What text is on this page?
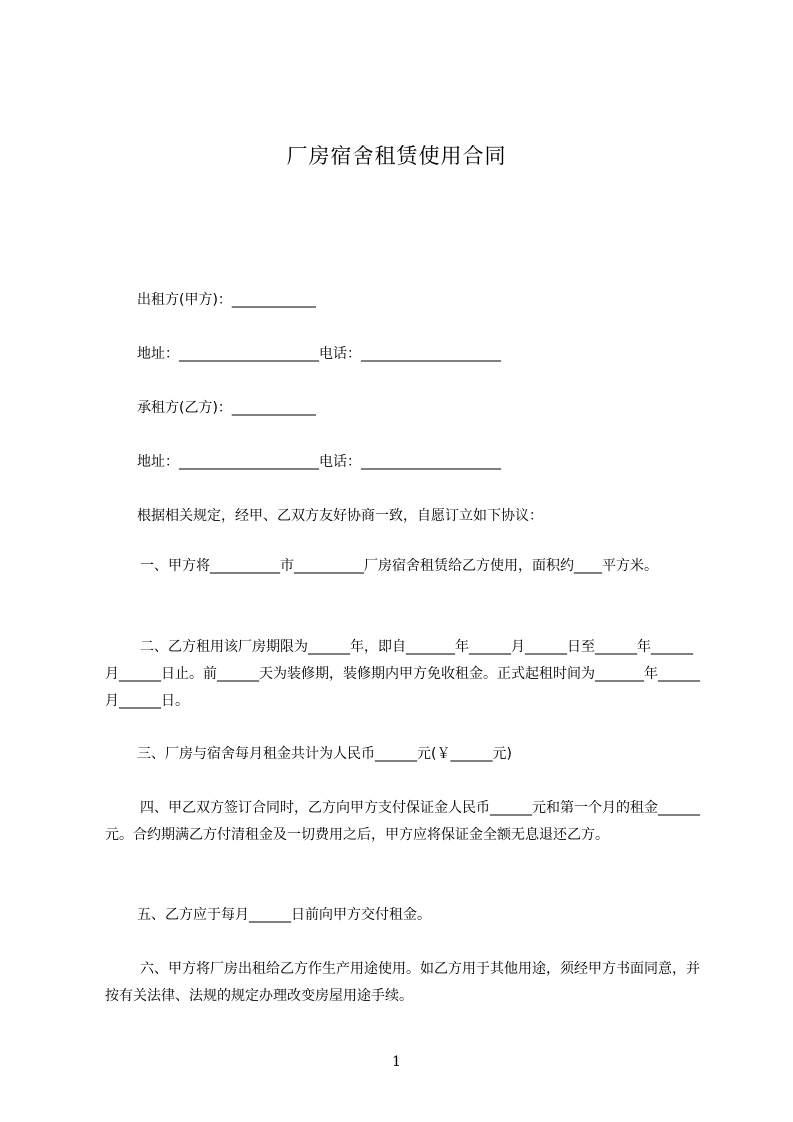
厂房宿舍租赁使用合同
出租方(甲方)：____________
地址：____________________电话：____________________
承租方(乙方)：____________
地址：____________________电话：____________________
根据相关规定，经甲、乙双方友好协商一致，自愿订立如下协议：
一、甲方将__________市__________厂房宿舍租赁给乙方使用，面积约____平方米。
二、乙方租用该厂房期限为______年，即自_______年______月______日至______年______月______日止。前______天为装修期，装修期内甲方免收租金。正式起租时间为_______年______月______日。
三、厂房与宿舍每月租金共计为人民币______元(￥______元)
四、甲乙双方签订合同时，乙方向甲方支付保证金人民币______元和第一个月的租金______元。合约期满乙方付清租金及一切费用之后，甲方应将保证金全额无息退还乙方。
五、乙方应于每月______日前向甲方交付租金。
六、甲方将厂房出租给乙方作生产用途使用。如乙方用于其他用途，须经甲方书面同意，并按有关法律、法规的规定办理改变房屋用途手续。
1
